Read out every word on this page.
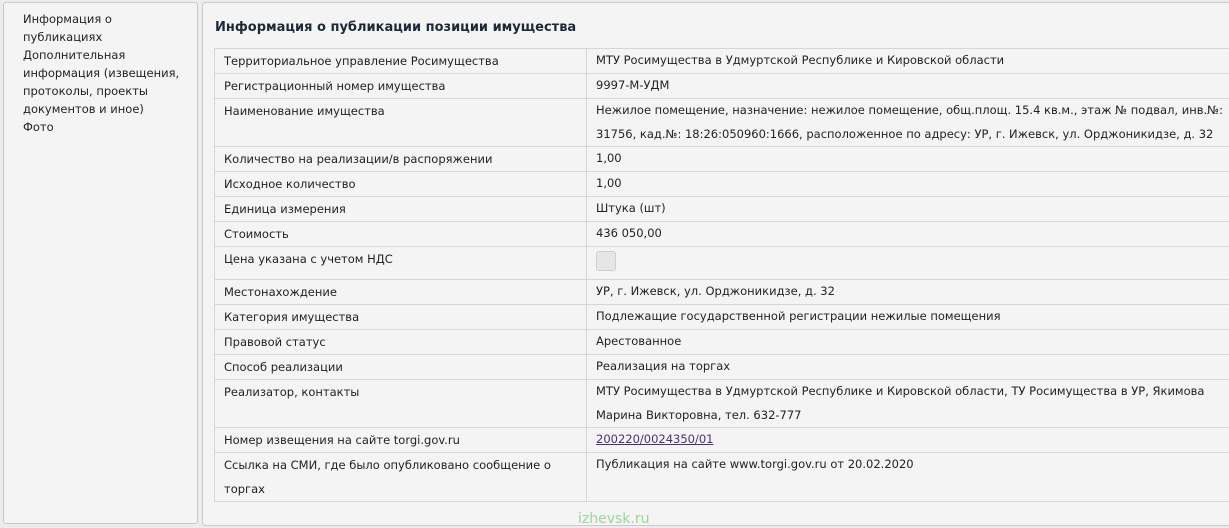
Информация о публикациях
Дополнительная информация (извещения, протоколы, проекты документов и иное)
Фото
Информация о публикации позиции имущества
Территориальное управление Росимущества	МТУ Росимущества в Удмуртской Республике и Кировской области
Регистрационный номер имущества	9997-М-УДМ
Наименование имущества	Нежилое помещение, назначение: нежилое помещение, общ.площ. 15.4 кв.м., этаж № подвал, инв.№: 31756, кад.№: 18:26:050960:1666, расположенное по адресу: УР, г. Ижевск, ул. Орджоникидзе, д. 32
Количество на реализации/в распоряжении	1,00
Исходное количество	1,00
Единица измерения	Штука (шт)
Стоимость	436 050,00
Цена указана с учетом НДС	
Местонахождение	УР, г. Ижевск, ул. Орджоникидзе, д. 32
Категория имущества	Подлежащие государственной регистрации нежилые помещения
Правовой статус	Арестованное
Способ реализации	Реализация на торгах
Реализатор, контакты	МТУ Росимущества в Удмуртской Республике и Кировской области, ТУ Росимущества в УР, Якимова Марина Викторовна, тел. 632-777
Номер извещения на сайте torgi.gov.ru	200220/0024350/01
Ссылка на СМИ, где было опубликовано сообщение о торгах	Публикация на сайте www.torgi.gov.ru от 20.02.2020
izhevsk.ru
